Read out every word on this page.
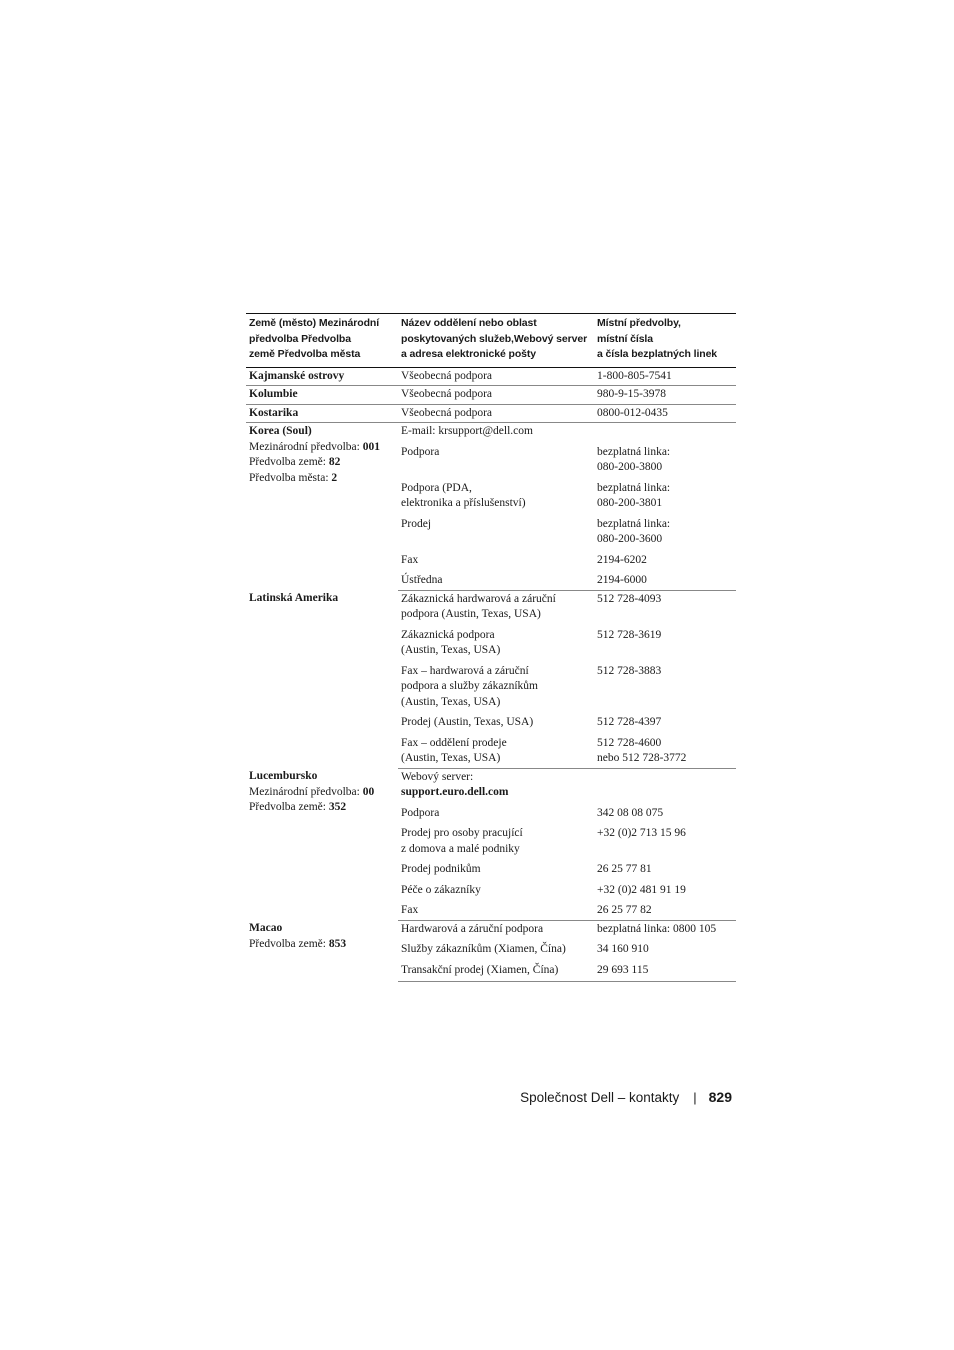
Země (město) Mezinárodní
předvolba Předvolba
země Předvolba města	Název oddělení nebo oblast
poskytovaných služeb,Webový server
a adresa elektronické pošty	Místní předvolby,
místní čísla
a čísla bezplatných linek

Kajmanské ostrovy	Všeobecná podpora	1-800-805-7541

Kolumbie	Všeobecná podpora	980-9-15-3978

Kostarika	Všeobecná podpora	0800-012-0435

Korea (Soul)
Mezinárodní předvolba: 001
Předvolba země: 82
Předvolba města: 2	E-mail: krsupport@dell.com	

	Podpora	bezplatná linka:
080-200-3800

	Podpora (PDA,
elektronika a příslušenství)	bezplatná linka:
080-200-3801

	Prodej	bezplatná linka:
080-200-3600

	Fax	2194-6202

	Ústředna	2194-6000

Latinská Amerika	Zákaznická hardwarová a záruční
podpora (Austin, Texas, USA)	512 728-4093

	Zákaznická podpora
(Austin, Texas, USA)	512 728-3619

	Fax – hardwarová a záruční
podpora a služby zákazníkům
(Austin, Texas, USA)	512 728-3883

	Prodej (Austin, Texas, USA)	512 728-4397

	Fax – oddělení prodeje
(Austin, Texas, USA)	512 728-4600
nebo 512 728-3772

Lucembursko
Mezinárodní předvolba: 00
Předvolba země: 352	Webový server:
support.euro.dell.com	

	Podpora	342 08 08 075

	Prodej pro osoby pracující
z domova a malé podniky	+32 (0)2 713 15 96

	Prodej podnikům	26 25 77 81

	Péče o zákazníky	+32 (0)2 481 91 19

	Fax	26 25 77 82

Macao
Předvolba země: 853	Hardwarová a záruční podpora	bezplatná linka: 0800 105

	Služby zákazníkům (Xiamen, Čína)	34 160 910

	Transakční prodej (Xiamen, Čína)	29 693 115
Společnost Dell – kontakty | 829
